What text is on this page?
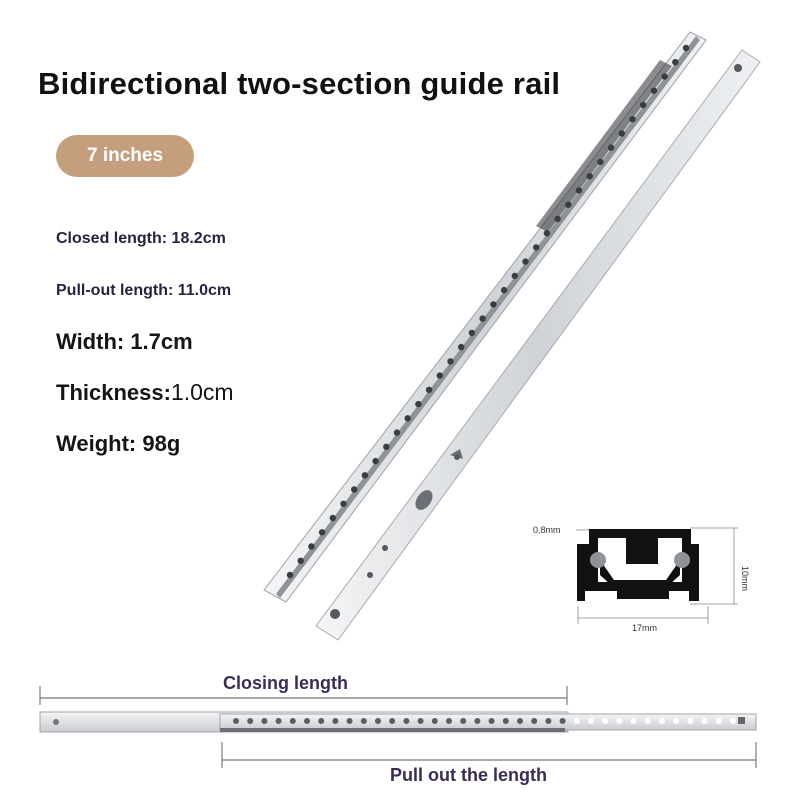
Bidirectional two-section guide rail
7 inches
Closed length: 18.2cm
Pull-out length: 11.0cm
Width: 1.7cm
Thickness:1.0cm
Weight: 98g
0.8mm
10mm
17mm
Closing length
Pull out the length
